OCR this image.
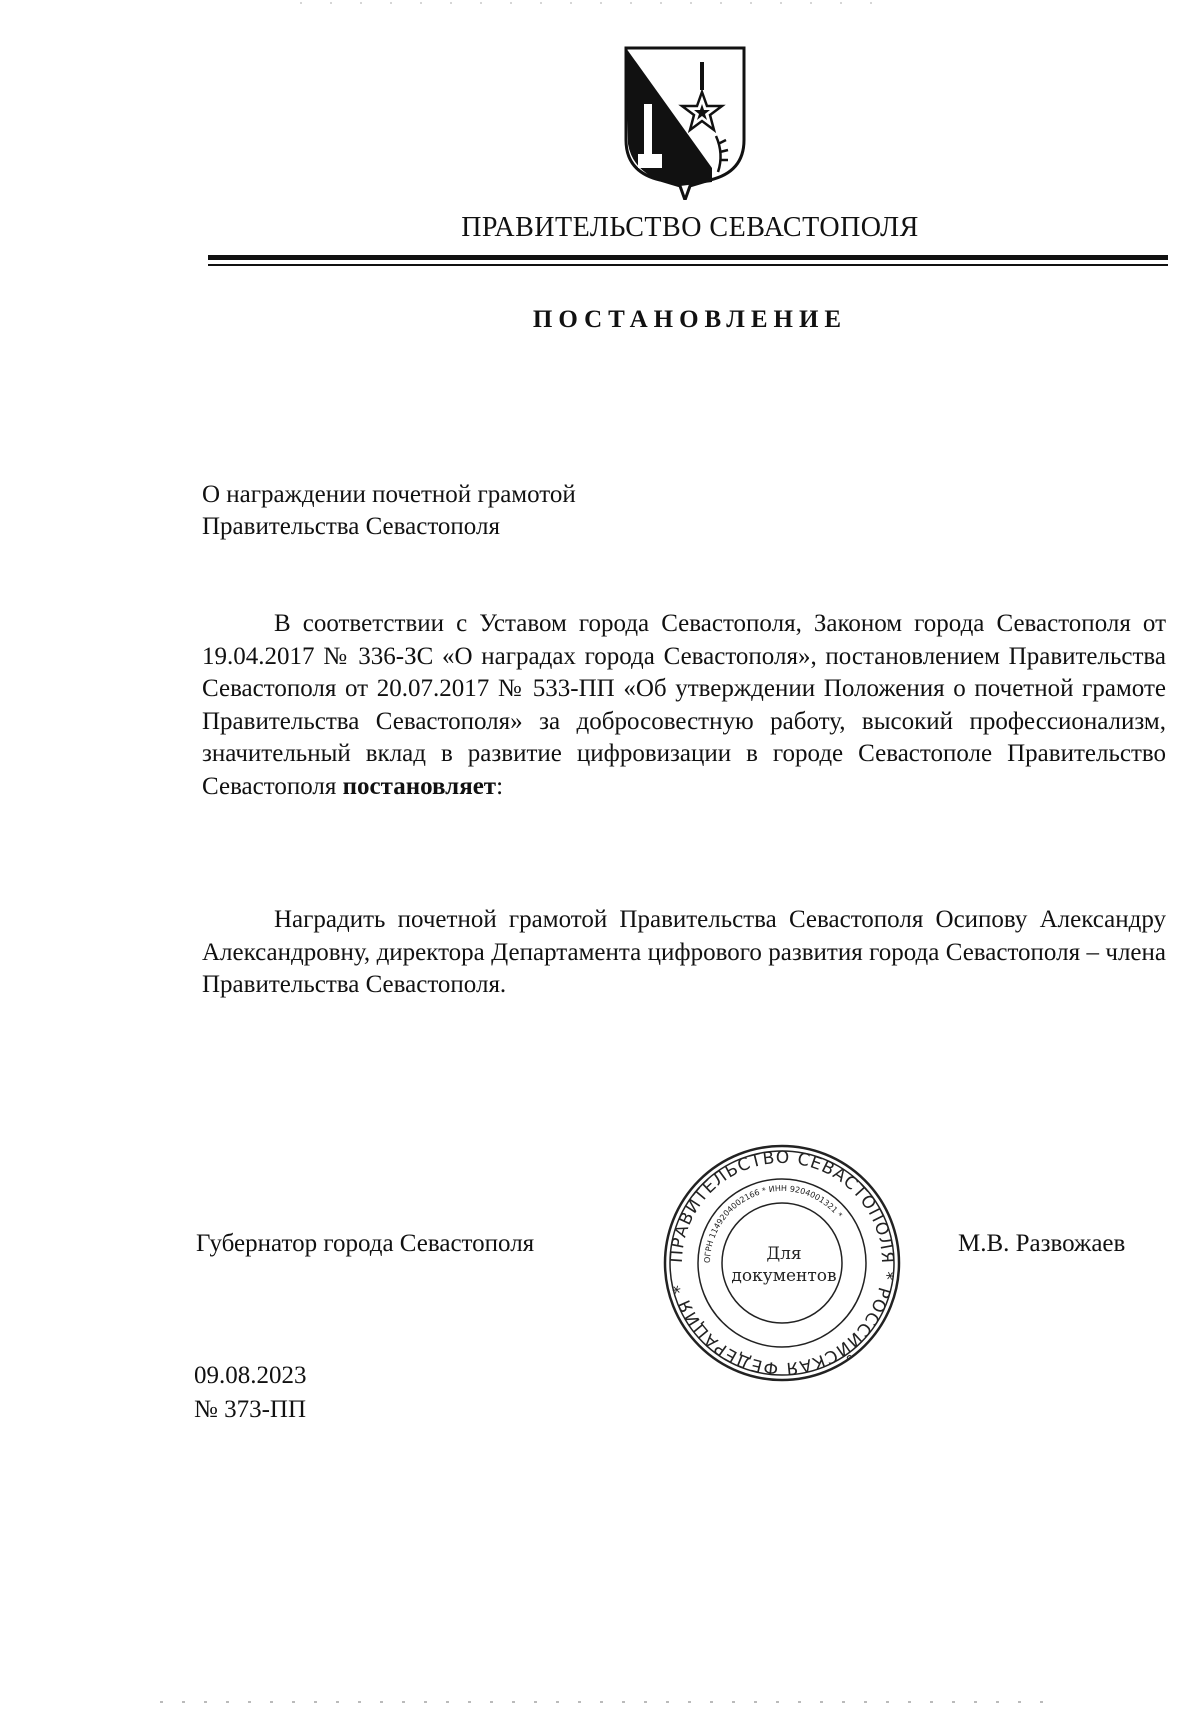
ПРАВИТЕЛЬСТВО СЕВАСТОПОЛЯ
ПОСТАНОВЛЕНИЕ
О награждении почетной грамотой
Правительства Севастополя
В соответствии с Уставом города Севастополя, Законом города Севастополя от 19.04.2017 № 336-ЗС «О наградах города Севастополя», постановлением Правительства Севастополя от 20.07.2017 № 533-ПП «Об утверждении Положения о почетной грамоте Правительства Севастополя» за добросовестную работу, высокий профессионализм, значительный вклад в развитие цифровизации в городе Севастополе Правительство Севастополя постановляет:
Наградить почетной грамотой Правительства Севастополя Осипову Александру Александровну, директора Департамента цифрового развития города Севастополя – члена Правительства Севастополя.
Губернатор города Севастополя	ПРАВИТЕЛЬСТВО СЕВАСТОПОЛЯ * РОССИЙСКАЯ ФЕДЕРАЦИЯ *
ОГРН 1149204002166 * ИНН 9204001321 *
Для
документов
М.В. Развожаев
09.08.2023
№ 373-ПП
